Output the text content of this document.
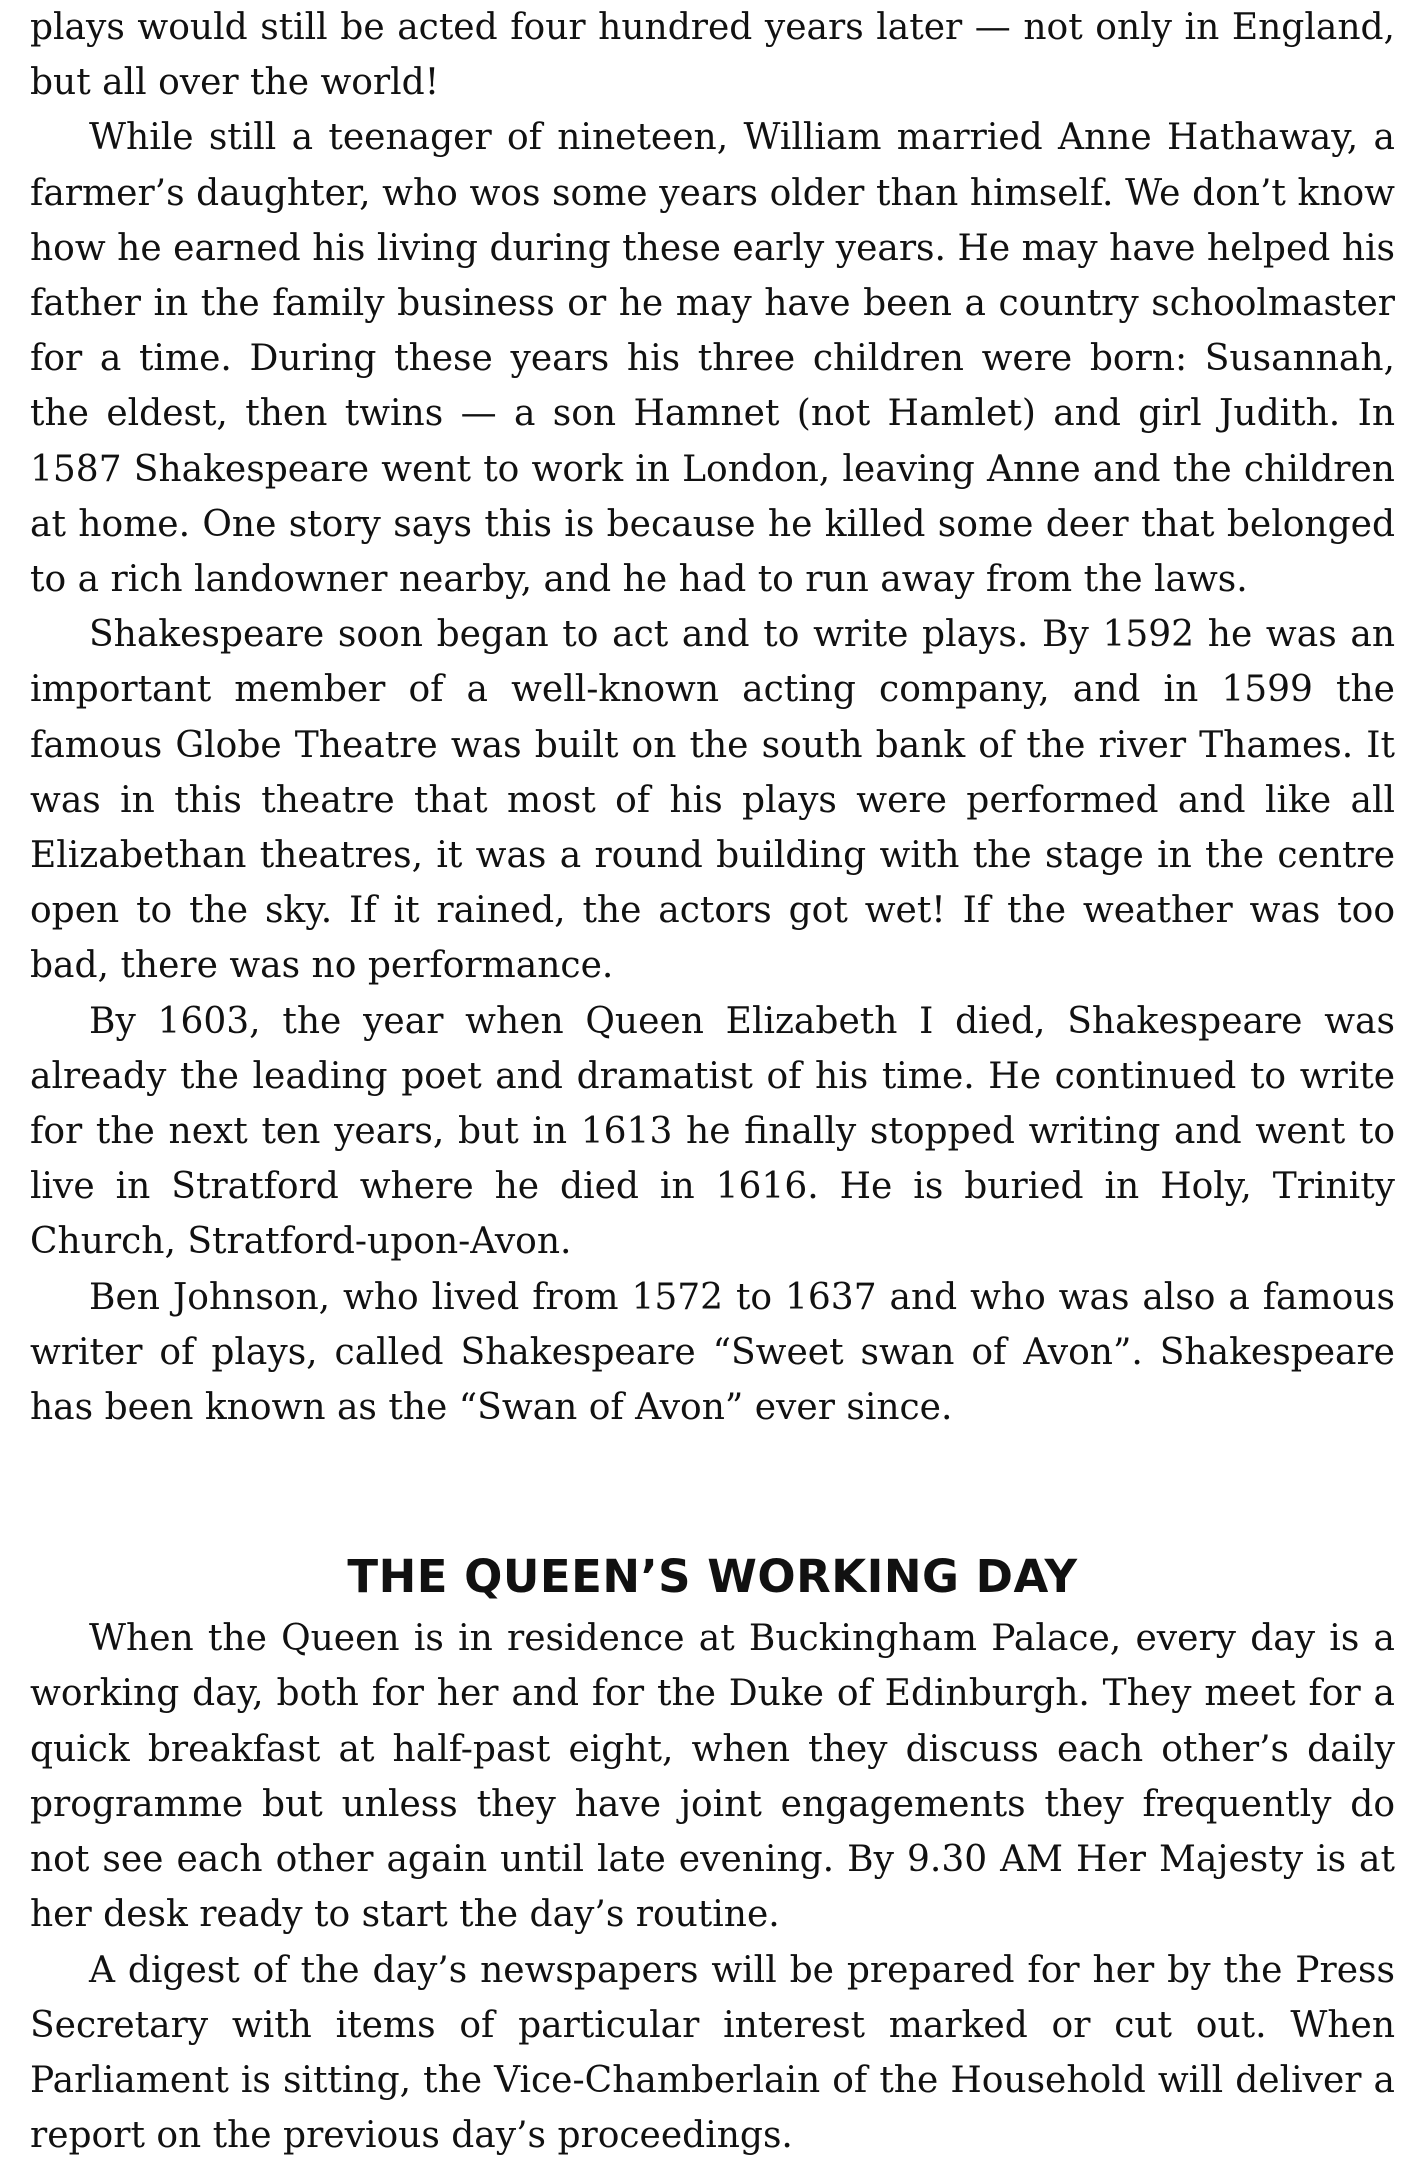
plays would still be acted four hundred years later — not only in England, but all over the world!

While still a teenager of nineteen, William married Anne Hathaway, a farmer’s daughter, who wos some years older than himself. We don’t know how he earned his living during these early years. He may have helped his father in the family business or he may have been a country schoolmaster for a time. During these years his three children were born: Susannah, the eldest, then twins — a son Hamnet (not Hamlet) and girl Judith. In 1587 Shakespeare went to work in London, leaving Anne and the children at home. One story says this is because he killed some deer that belonged to a rich landowner nearby, and he had to run away from the laws.

Shakespeare soon began to act and to write plays. By 1592 he was an important member of a well-known acting company, and in 1599 the famous Globe Theatre was built on the south bank of the river Thames. It was in this theatre that most of his plays were performed and like all Elizabethan theatres, it was a round building with the stage in the centre open to the sky. If it rained, the actors got wet! If the weather was too bad, there was no performance.

By 1603, the year when Queen Elizabeth I died, Shakespeare was already the leading poet and dramatist of his time. He continued to write for the next ten years, but in 1613 he finally stopped writing and went to live in Stratford where he died in 1616. He is buried in Holy, Trinity Church, Stratford-upon-Avon.

Ben Johnson, who lived from 1572 to 1637 and who was also a famous writer of plays, called Shakespeare “Sweet swan of Avon”. Shakespeare has been known as the “Swan of Avon” ever since.

THE QUEEN’S WORKING DAY

When the Queen is in residence at Buckingham Palace, every day is a working day, both for her and for the Duke of Edinburgh. They meet for a quick breakfast at half-past eight, when they discuss each other’s daily programme but unless they have joint engagements they frequently do not see each other again until late evening. By 9.30 AM Her Majesty is at her desk ready to start the day’s routine.

A digest of the day’s newspapers will be prepared for her by the Press Secretary with items of particular interest marked or cut out. When Parliament is sitting, the Vice-Chamberlain of the Household will deliver a report on the previous day’s proceedings.
